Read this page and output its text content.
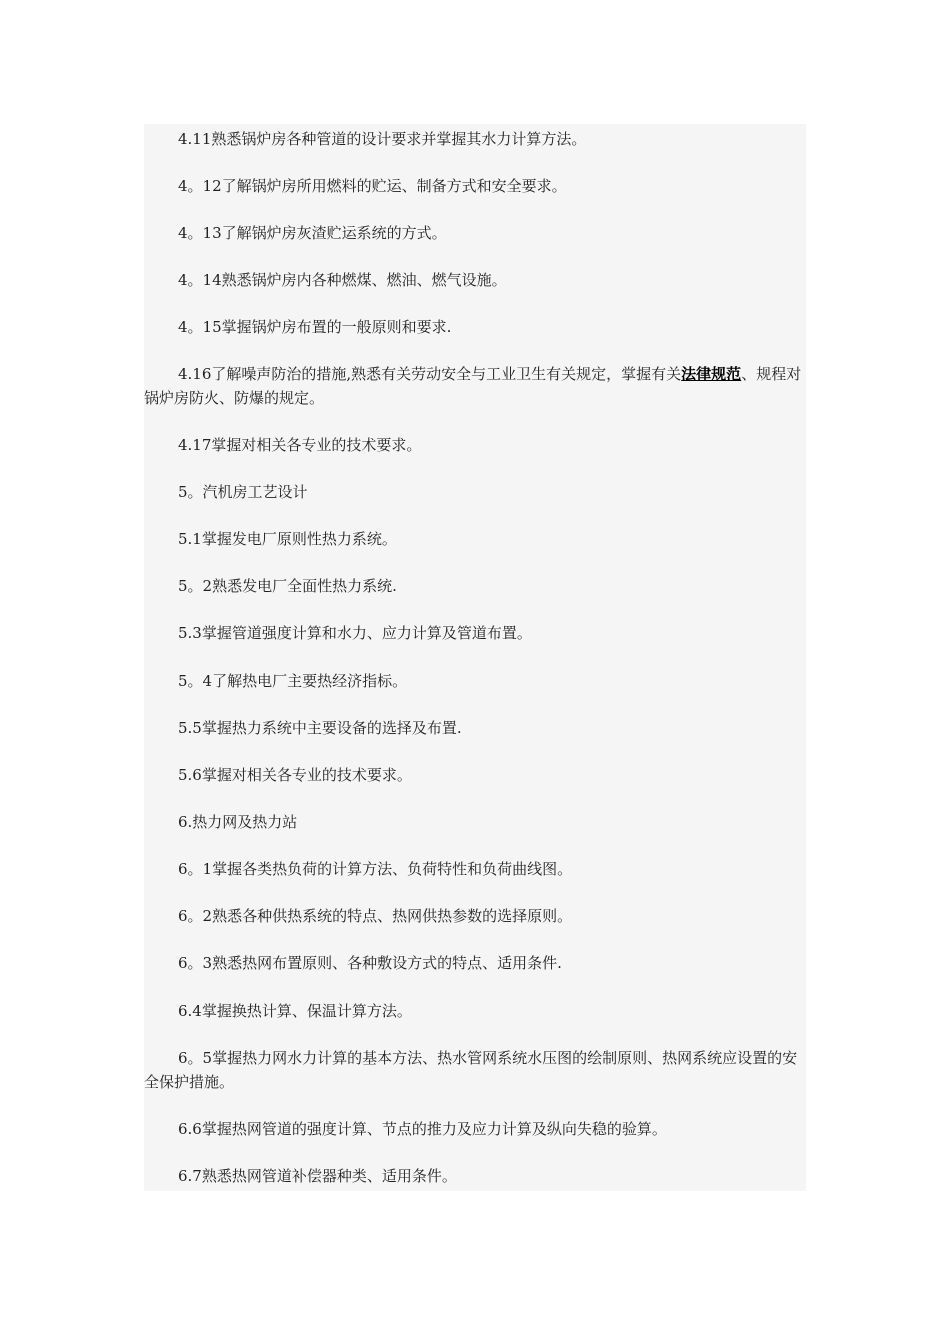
4.11熟悉锅炉房各种管道的设计要求并掌握其水力计算方法。

4。12了解锅炉房所用燃料的贮运、制备方式和安全要求。

4。13了解锅炉房灰渣贮运系统的方式。

4。14熟悉锅炉房内各种燃煤、燃油、燃气设施。

4。15掌握锅炉房布置的一般原则和要求.

4.16了解噪声防治的措施,熟悉有关劳动安全与工业卫生有关规定，掌握有关法律规范、规程对锅炉房防火、防爆的规定。

4.17掌握对相关各专业的技术要求。

5。汽机房工艺设计

5.1掌握发电厂原则性热力系统。

5。2熟悉发电厂全面性热力系统.

5.3掌握管道强度计算和水力、应力计算及管道布置。

5。4了解热电厂主要热经济指标。

5.5掌握热力系统中主要设备的选择及布置.

5.6掌握对相关各专业的技术要求。

6.热力网及热力站

6。1掌握各类热负荷的计算方法、负荷特性和负荷曲线图。

6。2熟悉各种供热系统的特点、热网供热参数的选择原则。

6。3熟悉热网布置原则、各种敷设方式的特点、适用条件.

6.4掌握换热计算、保温计算方法。

6。5掌握热力网水力计算的基本方法、热水管网系统水压图的绘制原则、热网系统应设置的安全保护措施。

6.6掌握热网管道的强度计算、节点的推力及应力计算及纵向失稳的验算。

6.7熟悉热网管道补偿器种类、适用条件。
